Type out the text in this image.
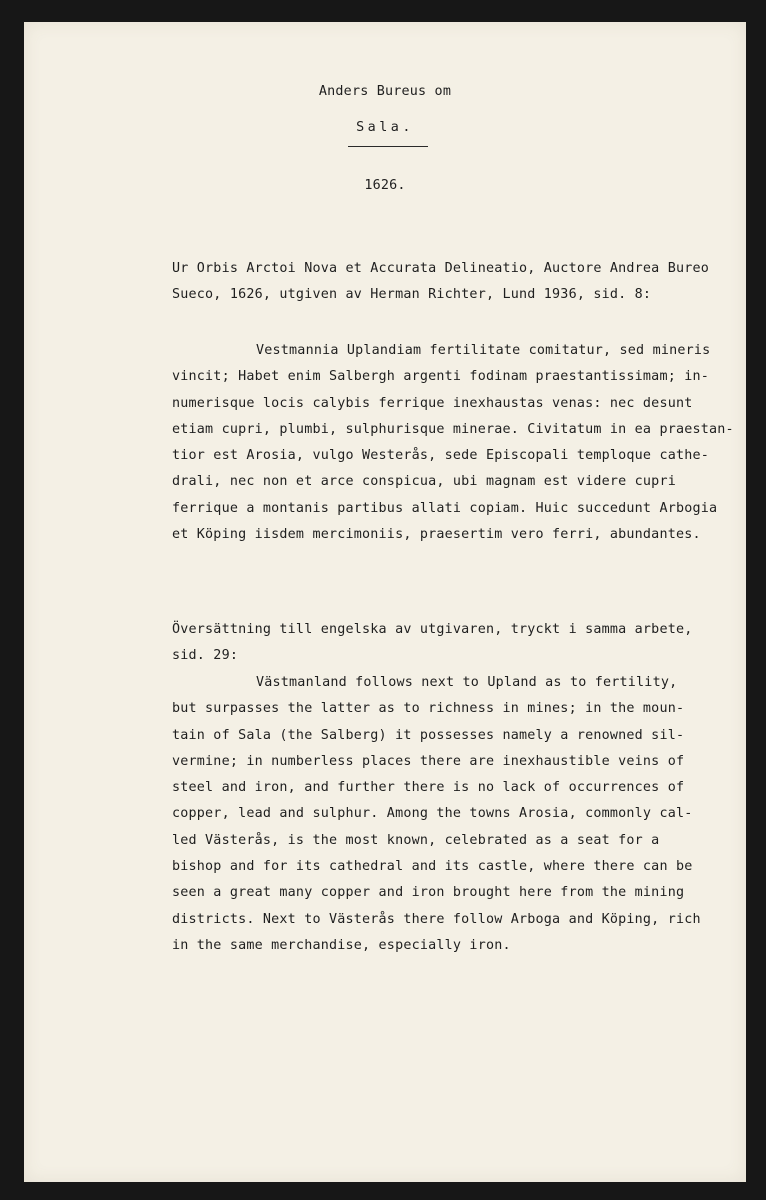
Anders Bureus om
Sala.
1626.
Ur Orbis Arctoi Nova et Accurata Delineatio, Auctore Andrea Bureo
Sueco, 1626, utgiven av Herman Richter, Lund 1936, sid. 8:
Vestmannia Uplandiam fertilitate comitatur, sed mineris
vincit; Habet enim Salbergh argenti fodinam praestantissimam; in-
numerisque locis calybis ferrique inexhaustas venas: nec desunt
etiam cupri, plumbi, sulphurisque minerae. Civitatum in ea praestan-
tior est Arosia, vulgo Westerås, sede Episcopali temploque cathe-
drali, nec non et arce conspicua, ubi magnam est videre cupri
ferrique a montanis partibus allati copiam. Huic succedunt Arbogia
et Köping iisdem mercimoniis, praesertim vero ferri, abundantes.
Översättning till engelska av utgivaren, tryckt i samma arbete,
sid. 29:
Västmanland follows next to Upland as to fertility,
but surpasses the latter as to richness in mines; in the moun-
tain of Sala (the Salberg) it possesses namely a renowned sil-
vermine; in numberless places there are inexhaustible veins of
steel and iron, and further there is no lack of occurrences of
copper, lead and sulphur. Among the towns Arosia, commonly cal-
led Västerås, is the most known, celebrated as a seat for a
bishop and for its cathedral and its castle, where there can be
seen a great many copper and iron brought here from the mining
districts. Next to Västerås there follow Arboga and Köping, rich
in the same merchandise, especially iron.
